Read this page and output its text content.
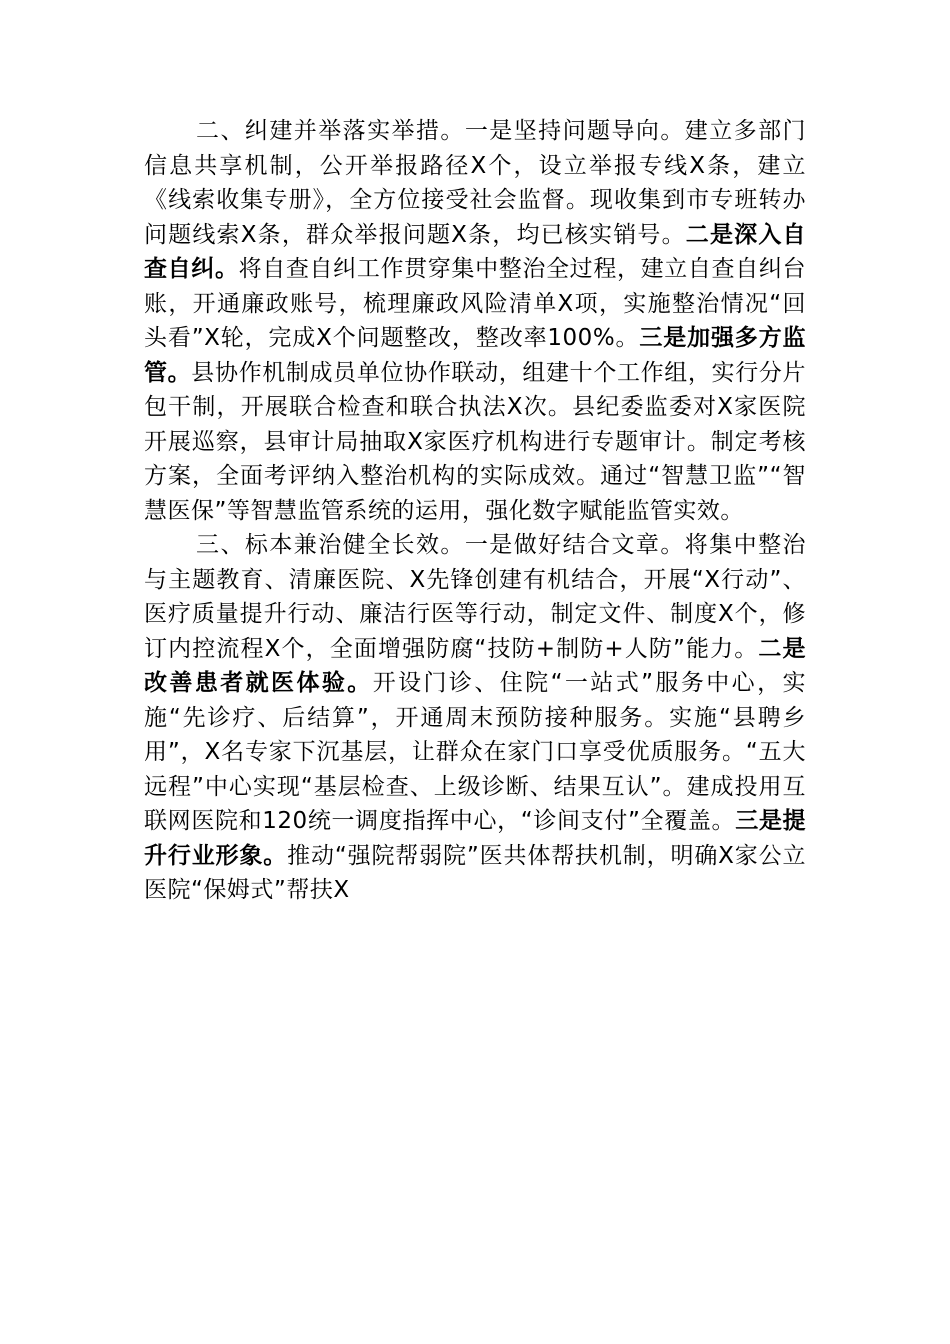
二、纠建并举落实举措。一是坚持问题导向。建立多部门信息共享机制，公开举报路径X个，设立举报专线X条，建立《线索收集专册》，全方位接受社会监督。现收集到市专班转办问题线索X条，群众举报问题X条，均已核实销号。二是深入自查自纠。将自查自纠工作贯穿集中整治全过程，建立自查自纠台账，开通廉政账号，梳理廉政风险清单X项，实施整治情况“回头看”X轮，完成X个问题整改，整改率100%。三是加强多方监管。县协作机制成员单位协作联动，组建十个工作组，实行分片包干制，开展联合检查和联合执法X次。县纪委监委对X家医院开展巡察，县审计局抽取X家医疗机构进行专题审计。制定考核方案，全面考评纳入整治机构的实际成效。通过“智慧卫监”“智慧医保”等智慧监管系统的运用，强化数字赋能监管实效。

三、标本兼治健全长效。一是做好结合文章。将集中整治与主题教育、清廉医院、X先锋创建有机结合，开展“X行动”、医疗质量提升行动、廉洁行医等行动，制定文件、制度X个，修订内控流程X个，全面增强防腐“技防+制防+人防”能力。二是改善患者就医体验。开设门诊、住院“一站式”服务中心，实施“先诊疗、后结算”，开通周末预防接种服务。实施“县聘乡用”，X名专家下沉基层，让群众在家门口享受优质服务。“五大远程”中心实现“基层检查、上级诊断、结果互认”。建成投用互联网医院和120统一调度指挥中心，“诊间支付”全覆盖。三是提升行业形象。推动“强院帮弱院”医共体帮扶机制，明确X家公立医院“保姆式”帮扶X
